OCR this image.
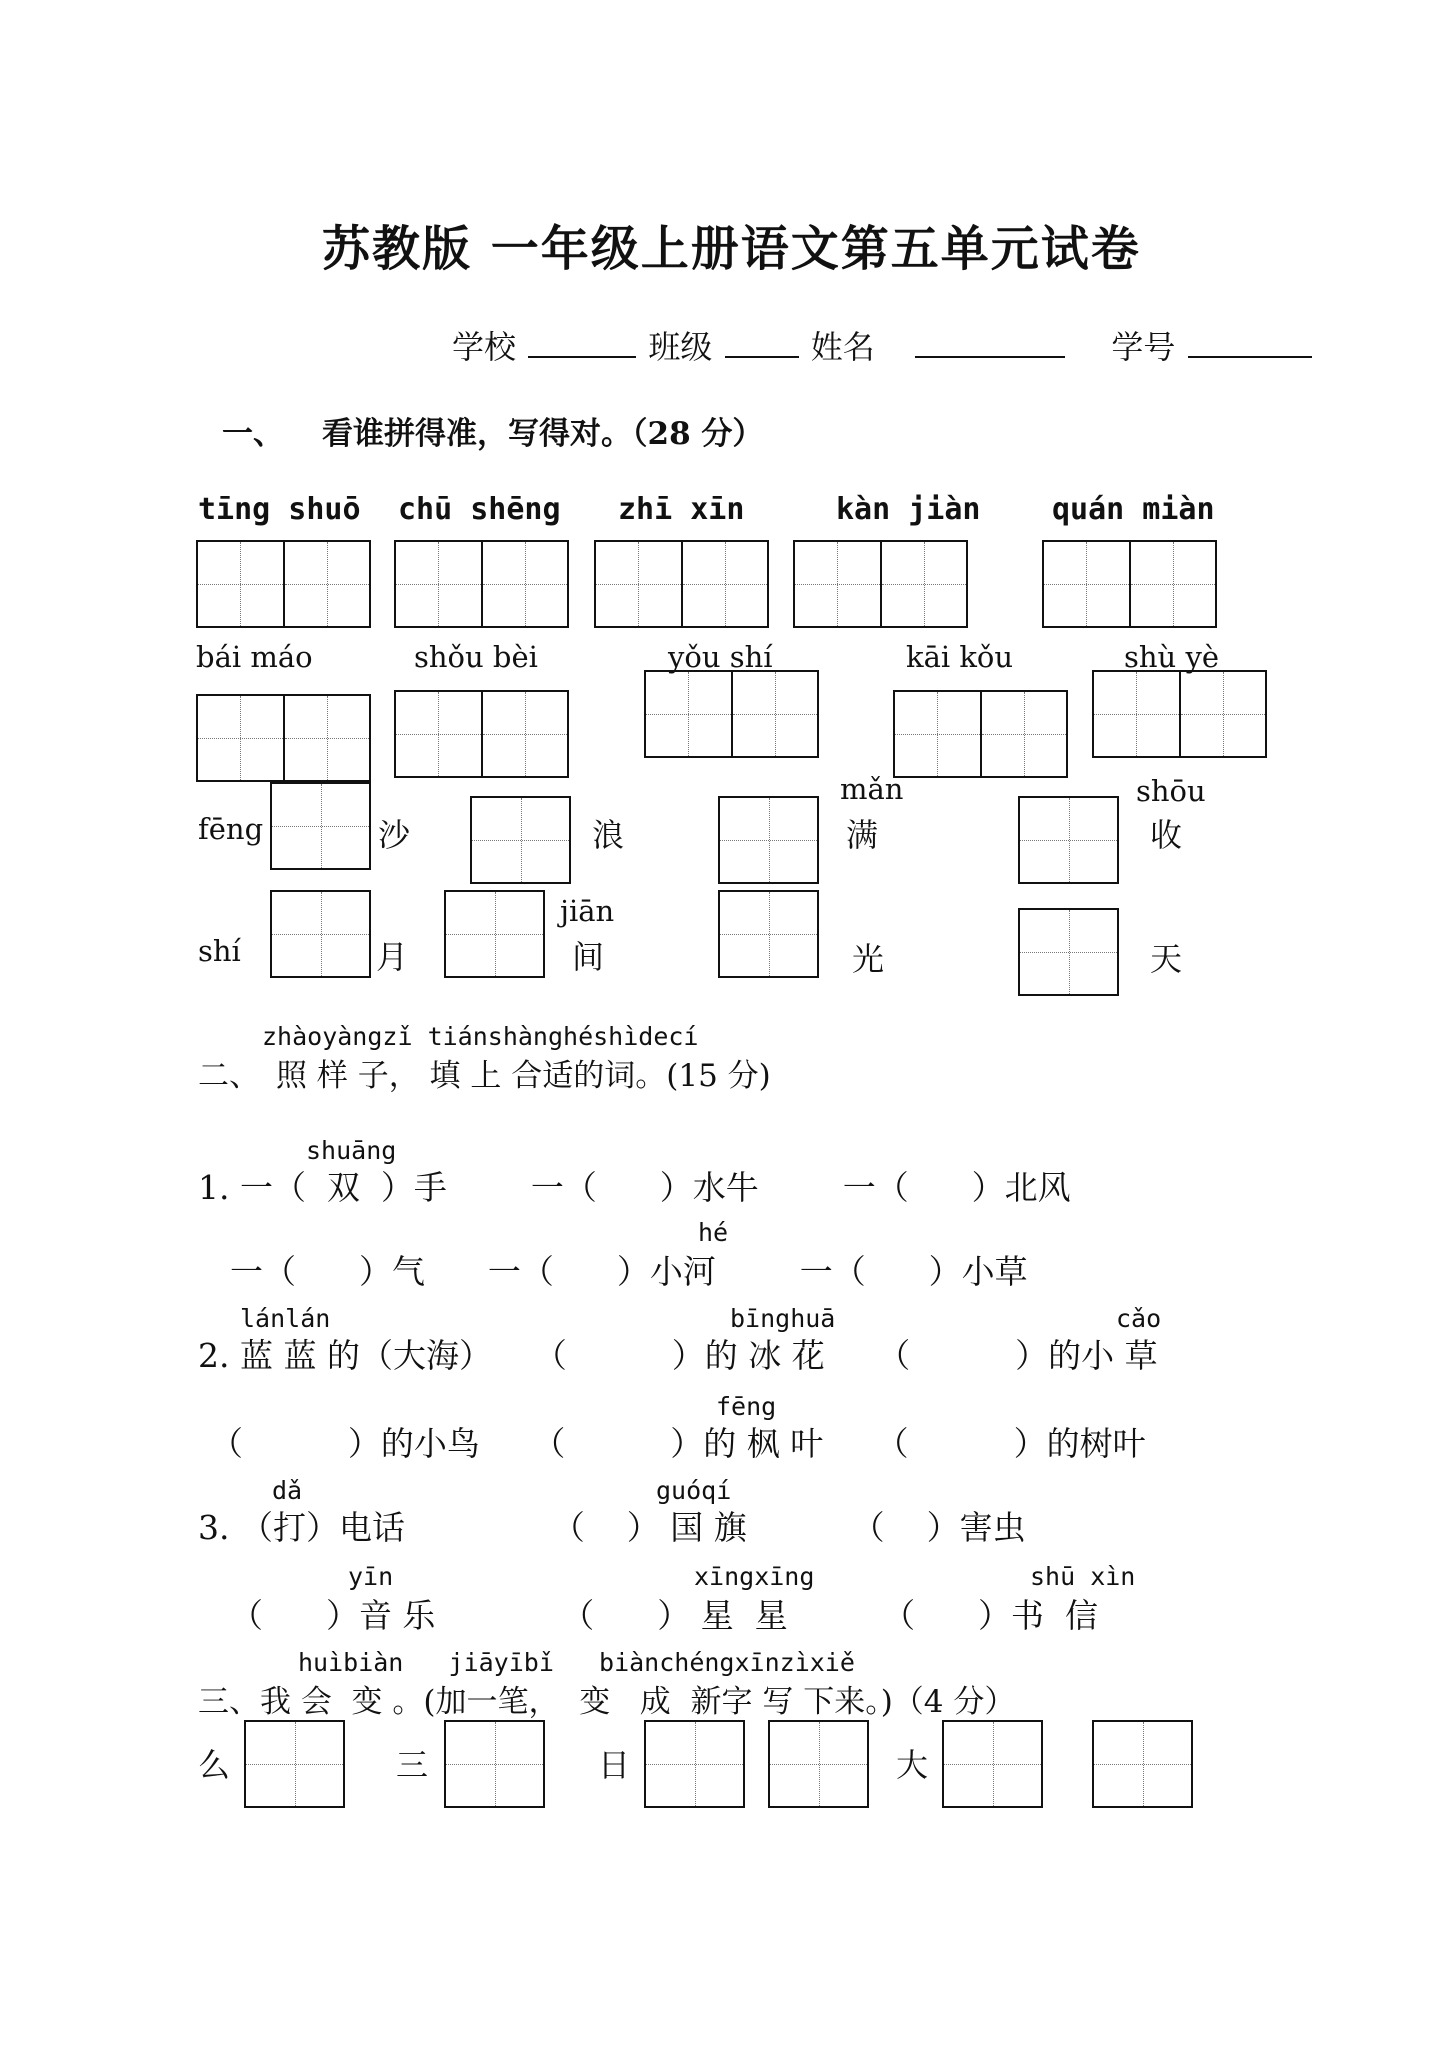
苏教版 一年级上册语文第五单元试卷
学校	班级	姓名	学号
一、 看谁拼得准，写得对。（28 分）
tīng shuō chū shēng zhī xīn	kàn jiàn quán miàn
bái máo	shǒu bèi	yǒu shí	kāi kǒu	shù yè
mǎn	shōu
fēng	沙	浪	满	收
jiān
shí	月	间	光	天
zhàoyàngzǐ tiánshànghéshìdecí
二、 照 样 子， 填 上 合适的词。(15 分)
shuāng
1. 一（  双  ）手        一（      ）水牛        一（      ）北风
hé
一（      ）气      一（      ）小河        一（      ）小草
lánlán	bīnghuā	cǎo
2. 蓝 蓝 的（大海）    （          ）的 冰 花     （          ）的小 草
fēng
（          ）的小鸟     （          ）的 枫 叶     （          ）的树叶
dǎ	guóqí
3. （打）电话              （    ） 国 旗          （    ）害虫
yīn	xīngxīng	shū xìn
（      ）音 乐            （      ） 星  星         （      ）书  信
huìbiàn   jiāyībǐ   biànchéngxīnzìxiě
三、我 会  变 。(加一笔，  变   成  新字 写 下来。)（4 分）
么	三	日	大
